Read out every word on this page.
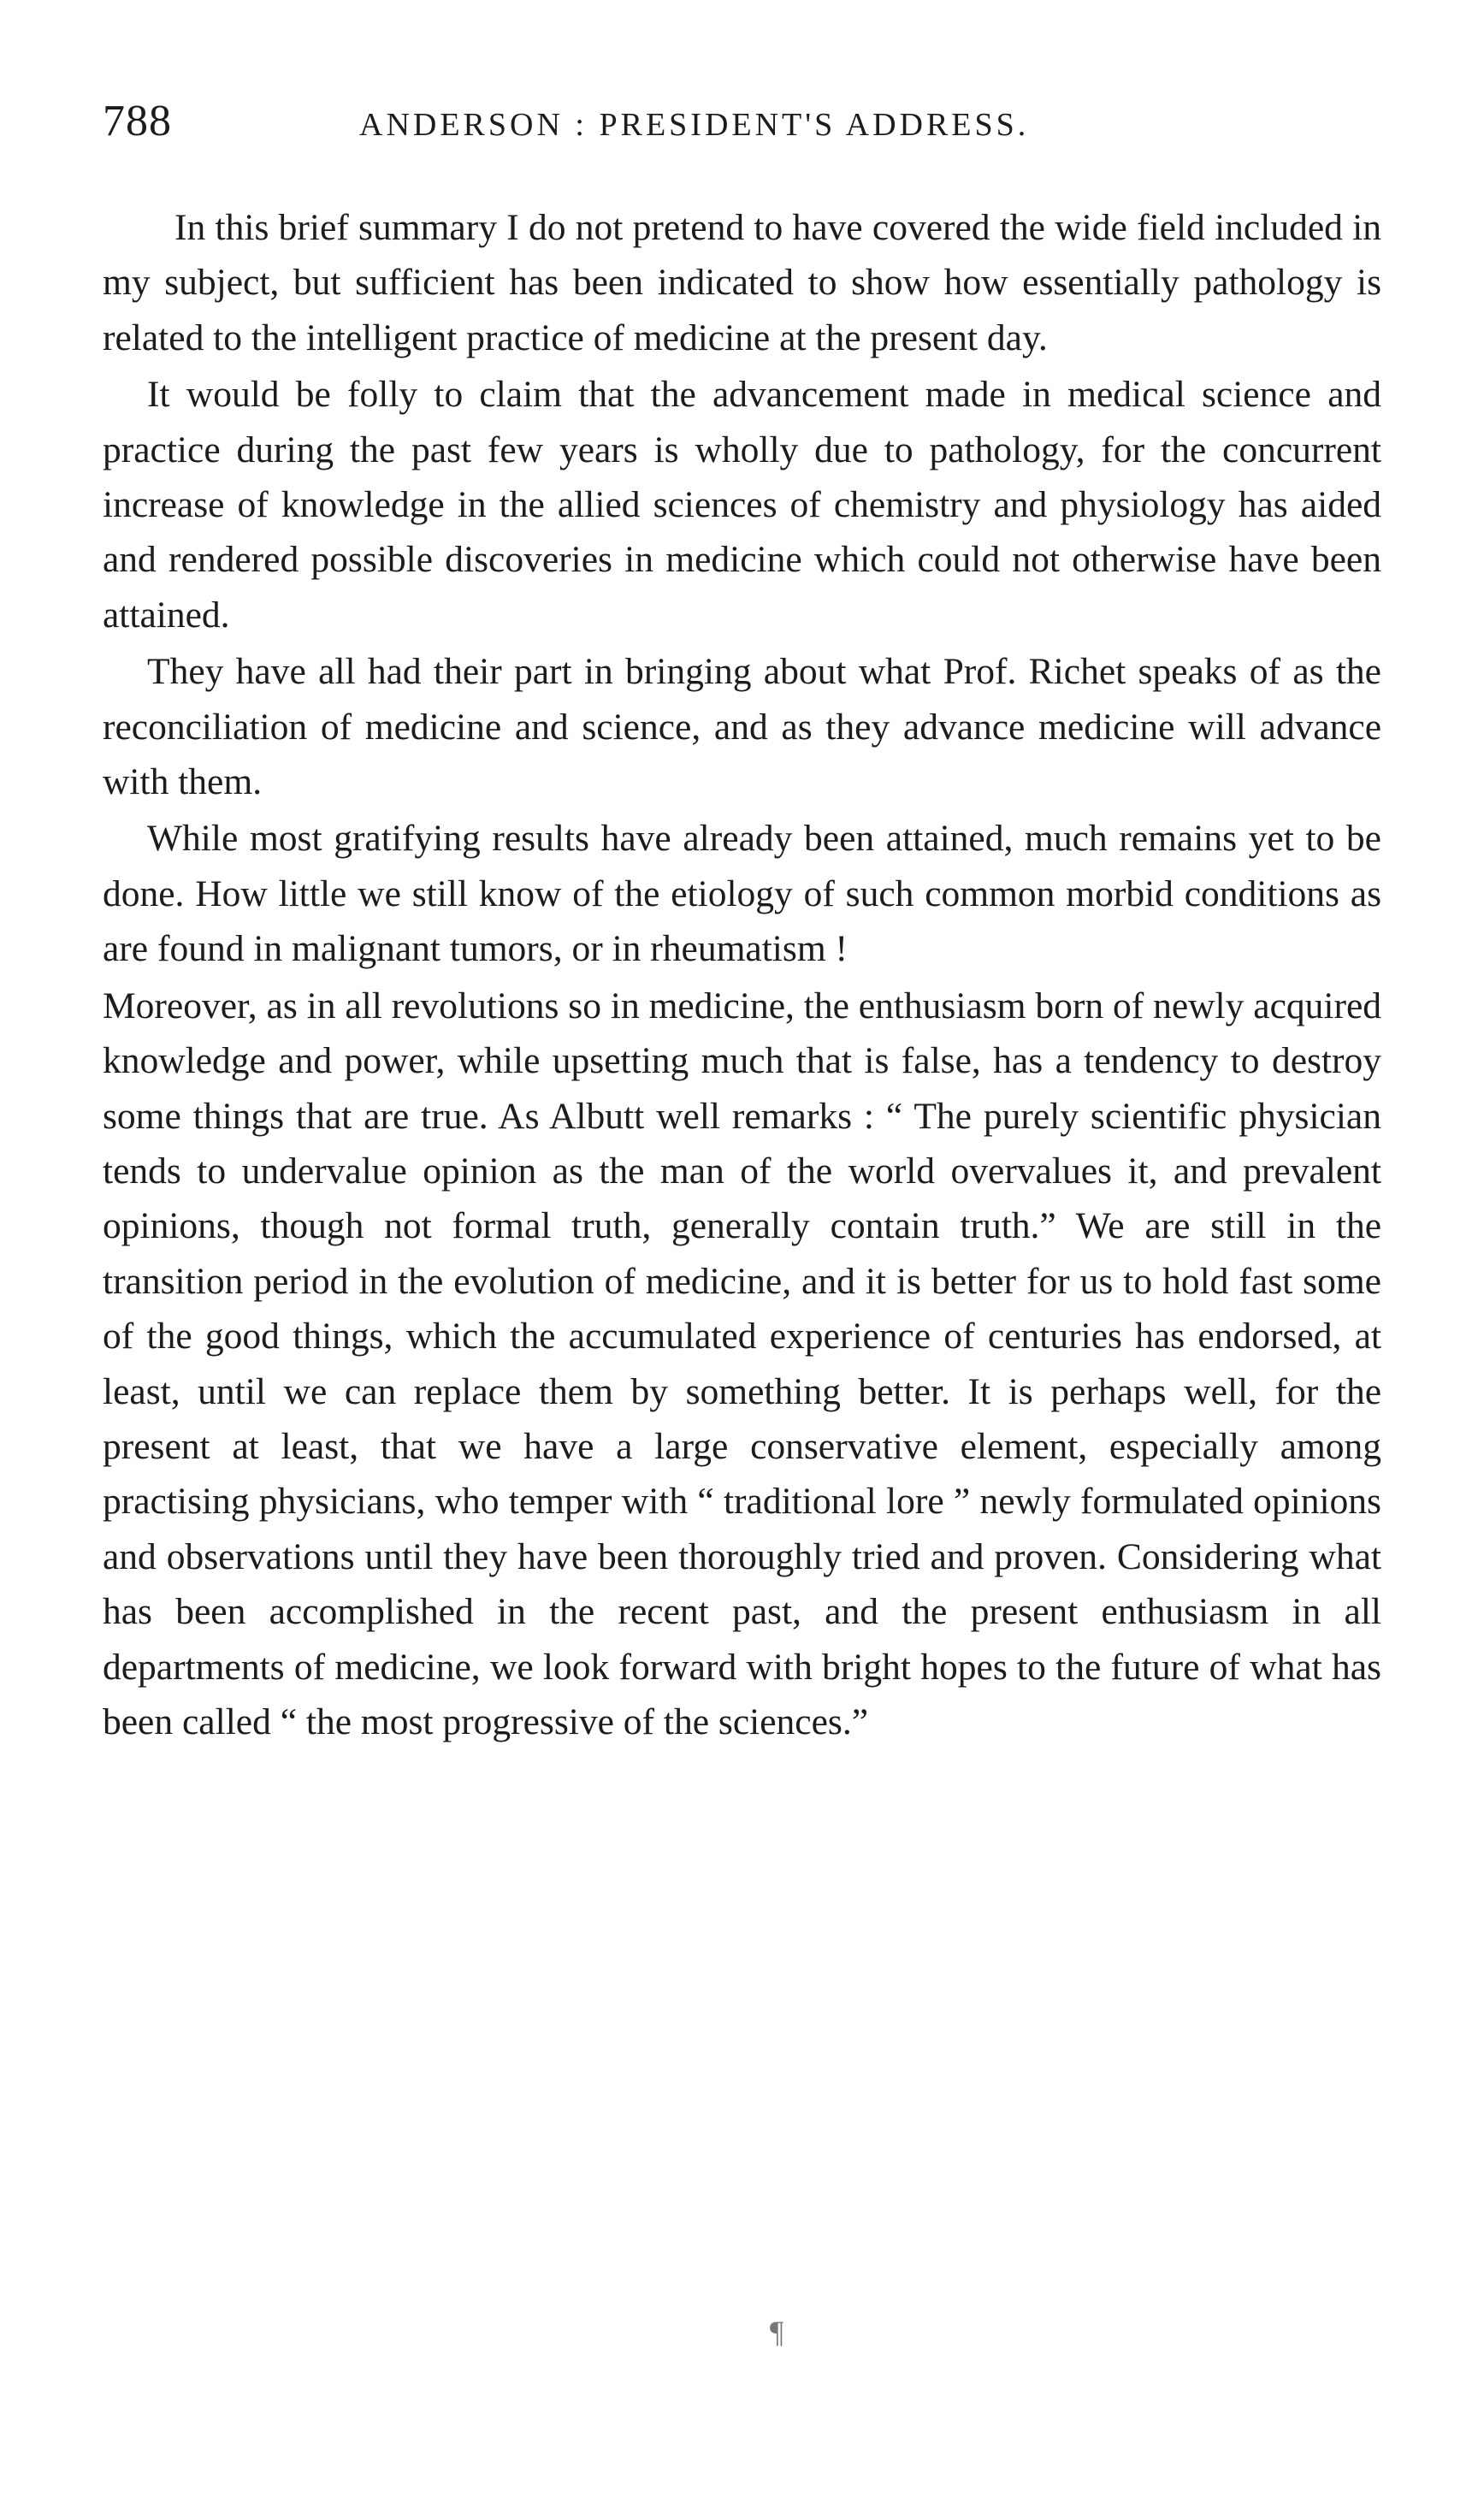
788	ANDERSON : PRESIDENT'S ADDRESS.

In this brief summary I do not pretend to have covered the wide field included in my subject, but sufficient has been indicated to show how essentially pathology is related to the intelligent practice of medicine at the present day.

It would be folly to claim that the advancement made in medical science and practice during the past few years is wholly due to pathology, for the concurrent increase of knowledge in the allied sciences of chemistry and physiology has aided and rendered possible discoveries in medicine which could not otherwise have been attained.

They have all had their part in bringing about what Prof. Richet speaks of as the reconciliation of medicine and science, and as they advance medicine will advance with them.

While most gratifying results have already been attained, much remains yet to be done. How little we still know of the etiology of such common morbid conditions as are found in malignant tumors, or in rheumatism !

Moreover, as in all revolutions so in medicine, the enthusiasm born of newly acquired knowledge and power, while upsetting much that is false, has a tendency to destroy some things that are true. As Albutt well remarks : “ The purely scientific physician tends to undervalue opinion as the man of the world overvalues it, and prevalent opinions, though not formal truth, generally contain truth.” We are still in the transition period in the evolution of medicine, and it is better for us to hold fast some of the good things, which the accumulated experience of centuries has endorsed, at least, until we can replace them by something better. It is perhaps well, for the present at least, that we have a large conservative element, especially among practising physicians, who temper with “ traditional lore ” newly formulated opinions and observations until they have been thoroughly tried and proven. Considering what has been accomplished in the recent past, and the present enthusiasm in all departments of medicine, we look forward with bright hopes to the future of what has been called “ the most progressive of the sciences.”

¶
